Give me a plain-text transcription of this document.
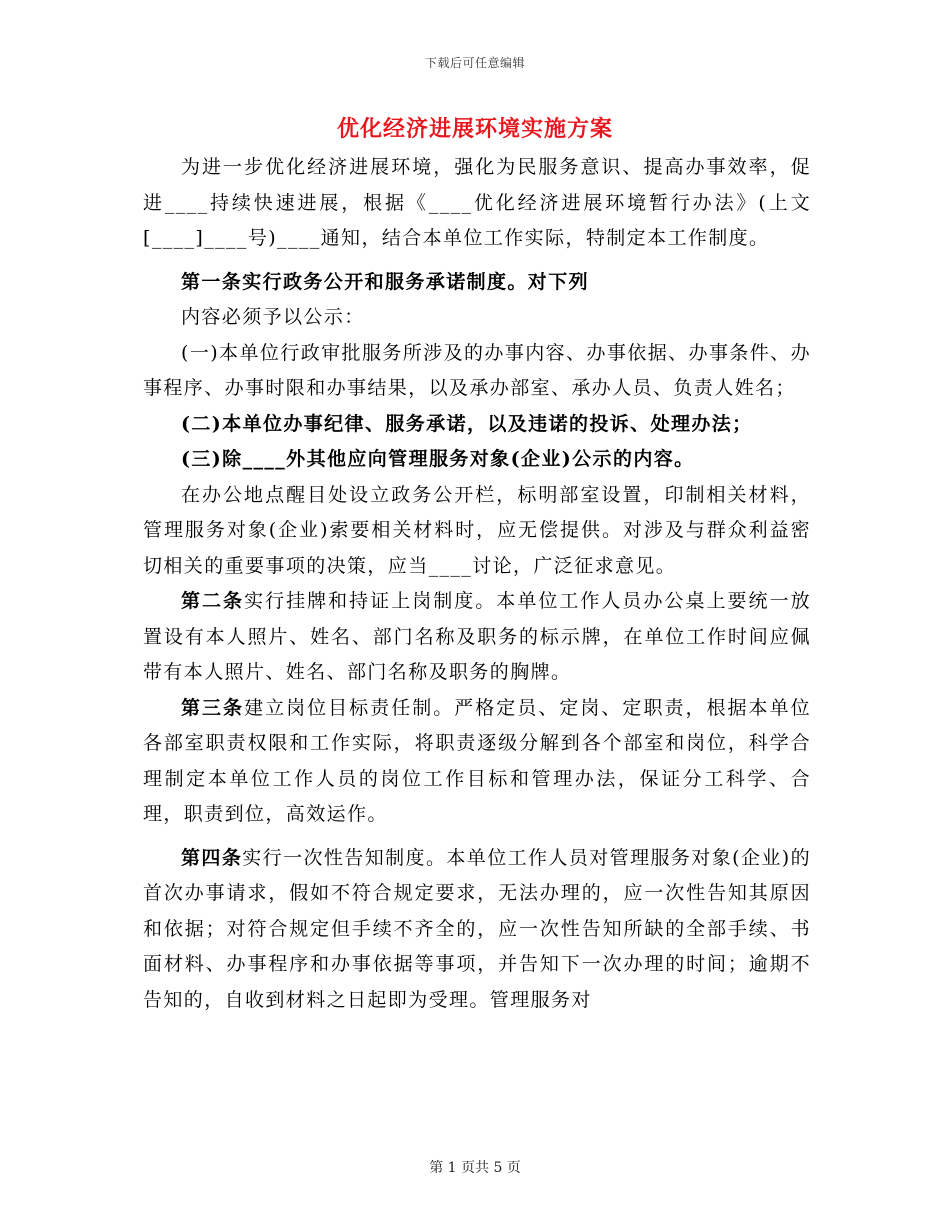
下载后可任意编辑
优化经济进展环境实施方案

为进一步优化经济进展环境，强化为民服务意识、提高办事效率，促进____持续快速进展，根据《____优化经济进展环境暂行办法》(上文[____]____号)____通知，结合本单位工作实际，特制定本工作制度。

第一条实行政务公开和服务承诺制度。对下列

内容必须予以公示：

(一)本单位行政审批服务所涉及的办事内容、办事依据、办事条件、办事程序、办事时限和办事结果，以及承办部室、承办人员、负责人姓名；

(二)本单位办事纪律、服务承诺，以及违诺的投诉、处理办法；

(三)除____外其他应向管理服务对象(企业)公示的内容。

在办公地点醒目处设立政务公开栏，标明部室设置，印制相关材料，管理服务对象(企业)索要相关材料时，应无偿提供。对涉及与群众利益密切相关的重要事项的决策，应当____讨论，广泛征求意见。

第二条实行挂牌和持证上岗制度。本单位工作人员办公桌上要统一放置设有本人照片、姓名、部门名称及职务的标示牌，在单位工作时间应佩带有本人照片、姓名、部门名称及职务的胸牌。

第三条建立岗位目标责任制。严格定员、定岗、定职责，根据本单位各部室职责权限和工作实际，将职责逐级分解到各个部室和岗位，科学合理制定本单位工作人员的岗位工作目标和管理办法，保证分工科学、合理，职责到位，高效运作。

第四条实行一次性告知制度。本单位工作人员对管理服务对象(企业)的首次办事请求，假如不符合规定要求，无法办理的，应一次性告知其原因和依据；对符合规定但手续不齐全的，应一次性告知所缺的全部手续、书面材料、办事程序和办事依据等事项，并告知下一次办理的时间；逾期不告知的，自收到材料之日起即为受理。管理服务对

第 1 页共 5 页
